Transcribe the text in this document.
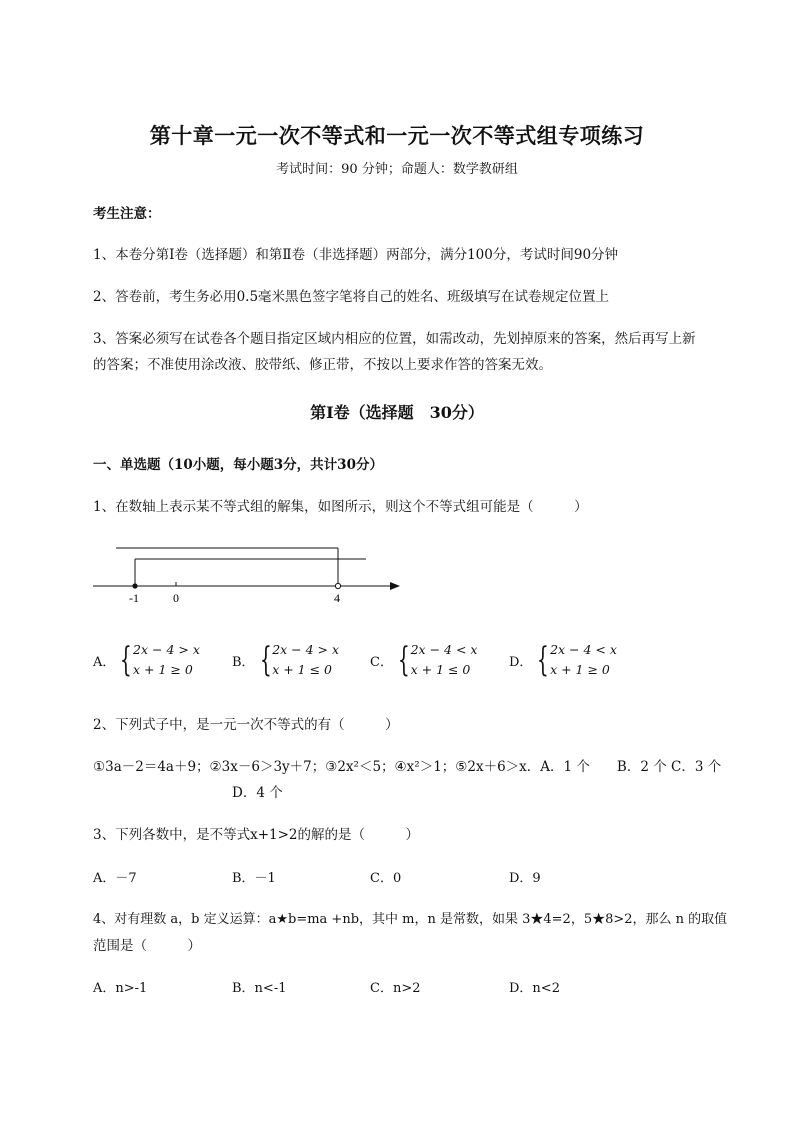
第十章一元一次不等式和一元一次不等式组专项练习
考试时间：90 分钟；命题人：数学教研组
考生注意：
1、本卷分第I卷（选择题）和第Ⅱ卷（非选择题）两部分，满分100分，考试时间90分钟
2、答卷前，考生务必用0.5毫米黑色签字笔将自己的姓名、班级填写在试卷规定位置上
3、答案必须写在试卷各个题目指定区域内相应的位置，如需改动，先划掉原来的答案，然后再写上新
的答案；不准使用涂改液、胶带纸、修正带，不按以上要求作答的答案无效。
第I卷（选择题　30分）
一、单选题（10小题，每小题3分，共计30分）
1、在数轴上表示某不等式组的解集，如图所示，则这个不等式组可能是（　　　）
-1	0	4
A． { 2x − 4 > x
x + 1 ≥ 0	B． { 2x − 4 > x
x + 1 ≤ 0	C． { 2x − 4 < x
x + 1 ≤ 0	D． { 2x − 4 < x
x + 1 ≥ 0
2、下列式子中，是一元一次不等式的有（　　　）
①3a－2＝4a＋9；②3x－6＞3y＋7；③2x²＜5；④x²＞1；⑤2x＋6＞x．A．1 个　　B．2 个 C．3 个
D．4 个
3、下列各数中，是不等式x+1>2的解的是（　　　）
A．－7	B．－1	C．0	D．9
4、对有理数 a，b 定义运算：a★b=ma +nb，其中 m，n 是常数，如果 3★4=2，5★8>2，那么 n 的取值
范围是（　　　）
A．n>-1	B．n<-1	C．n>2	D．n<2
